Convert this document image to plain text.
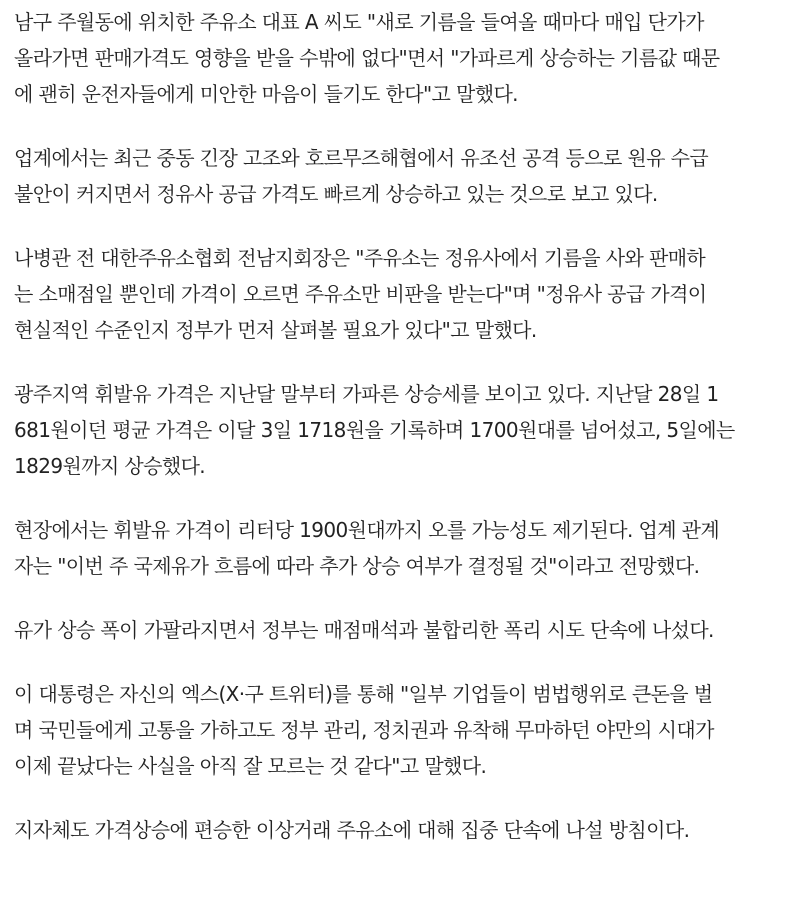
남구 주월동에 위치한 주유소 대표 A 씨도 "새로 기름을 들여올 때마다 매입 단가가
올라가면 판매가격도 영향을 받을 수밖에 없다"면서 "가파르게 상승하는 기름값 때문
에 괜히 운전자들에게 미안한 마음이 들기도 한다"고 말했다.

업계에서는 최근 중동 긴장 고조와 호르무즈해협에서 유조선 공격 등으로 원유 수급
불안이 커지면서 정유사 공급 가격도 빠르게 상승하고 있는 것으로 보고 있다.

나병관 전 대한주유소협회 전남지회장은 "주유소는 정유사에서 기름을 사와 판매하
는 소매점일 뿐인데 가격이 오르면 주유소만 비판을 받는다"며 "정유사 공급 가격이
현실적인 수준인지 정부가 먼저 살펴볼 필요가 있다"고 말했다.

광주지역 휘발유 가격은 지난달 말부터 가파른 상승세를 보이고 있다. 지난달 28일 1
681원이던 평균 가격은 이달 3일 1718원을 기록하며 1700원대를 넘어섰고, 5일에는
1829원까지 상승했다.

현장에서는 휘발유 가격이 리터당 1900원대까지 오를 가능성도 제기된다. 업계 관계
자는 "이번 주 국제유가 흐름에 따라 추가 상승 여부가 결정될 것"이라고 전망했다.

유가 상승 폭이 가팔라지면서 정부는 매점매석과 불합리한 폭리 시도 단속에 나섰다.

이 대통령은 자신의 엑스(X·구 트위터)를 통해 "일부 기업들이 범법행위로 큰돈을 벌
며 국민들에게 고통을 가하고도 정부 관리, 정치권과 유착해 무마하던 야만의 시대가
이제 끝났다는 사실을 아직 잘 모르는 것 같다"고 말했다.

지자체도 가격상승에 편승한 이상거래 주유소에 대해 집중 단속에 나설 방침이다.
